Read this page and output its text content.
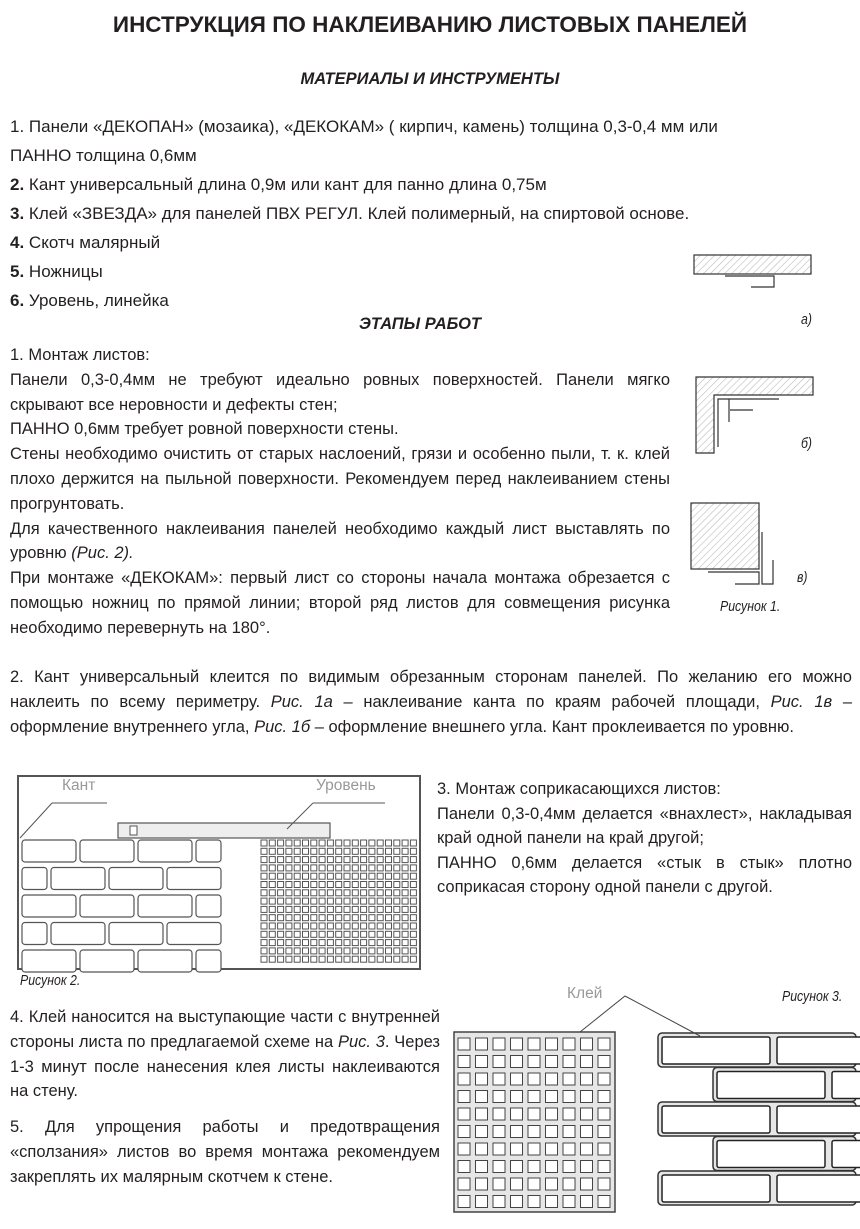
ИНСТРУКЦИЯ ПО НАКЛЕИВАНИЮ ЛИСТОВЫХ ПАНЕЛЕЙ
МАТЕРИАЛЫ И ИНСТРУМЕНТЫ
1. Панели «ДЕКОПАН» (мозаика), «ДЕКОКАМ» ( кирпич, камень) толщина 0,3-0,4 мм или
ПАННО толщина 0,6мм
2. Кант универсальный длина 0,9м или кант для панно длина 0,75м
3. Клей «ЗВЕЗДА» для панелей ПВХ РЕГУЛ. Клей полимерный, на спиртовой основе.
4. Скотч малярный
5. Ножницы
6. Уровень, линейка
ЭТАПЫ РАБОТ
1. Монтаж листов:
Панели 0,3-0,4мм не требуют идеально ровных поверхностей. Панели мягко скрывают все неровности и дефекты стен;
ПАННО 0,6мм требует ровной поверхности стены.
Стены необходимо очистить от старых наслоений, грязи и особенно пыли, т. к. клей плохо держится на пыльной поверхности. Рекомендуем перед наклеиванием стены прогрунтовать.
Для качественного наклеивания панелей необходимо каждый лист выставлять по уровню (Рис. 2).
При монтаже «ДЕКОКАМ»: первый лист со стороны начала монтажа обрезается с помощью ножниц по прямой линии; второй ряд листов для совмещения рисунка необходимо перевернуть на 180°.
2. Кант универсальный клеится по видимым обрезанным сторонам панелей. По желанию его можно наклеить по всему периметру. Рис. 1а – наклеивание канта по краям рабочей площади, Рис. 1в – оформление внутреннего угла, Рис. 1б – оформление внешнего угла. Кант проклеивается по уровню.
3. Монтаж соприкасающихся листов:
Панели 0,3-0,4мм делается «внахлест», накладывая край одной панели на край другой;
ПАННО 0,6мм делается «стык в стык» плотно соприкасая сторону одной панели с другой.
4. Клей наносится на выступающие части с внутренней стороны листа по предлагаемой схеме на Рис. 3. Через 1-3 минут после нанесения клея листы наклеиваются на стену.
5. Для упрощения работы и предотвращения «сползания» листов во время монтажа рекомендуем закреплять их малярным скотчем к стене.
а)
б)
в)
Рисунок 1.
Кант	Уровень
Рисунок 2.
Клей	Рисунок 3.
